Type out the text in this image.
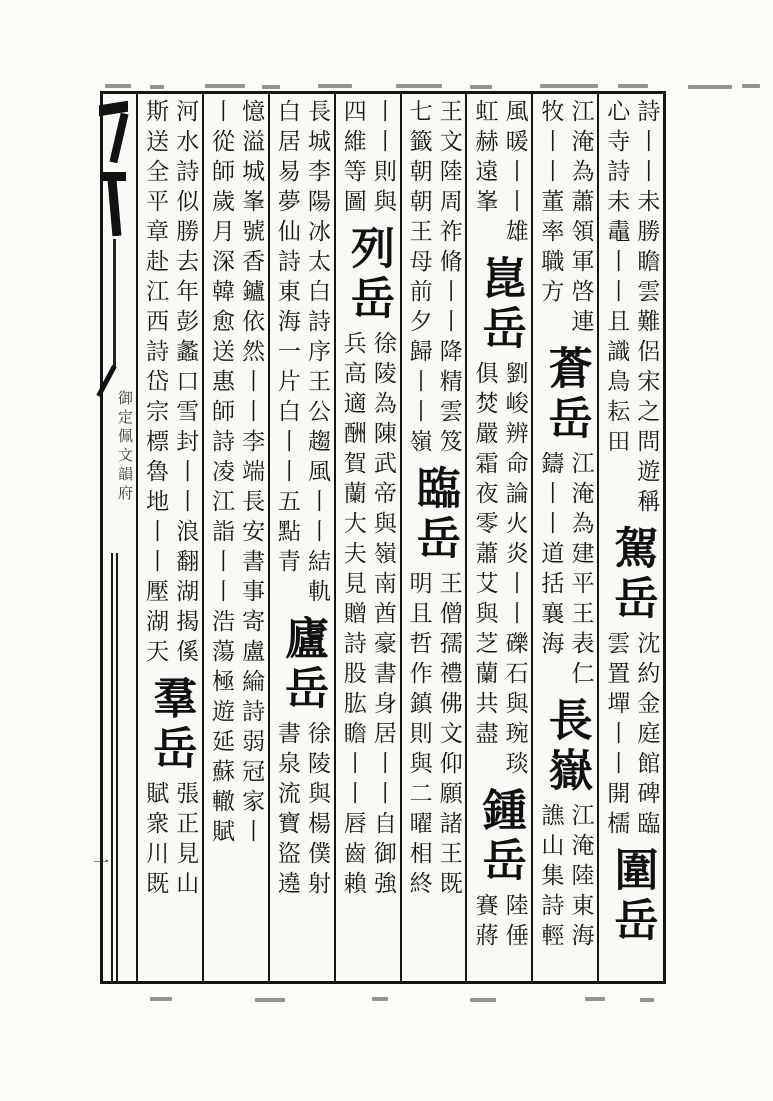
詩丨丨未勝瞻雲難侶宋之問遊稱
心寺詩未鼃丨丨且識鳥耘田
駕岳
沈約金庭館碑臨
雲置墠丨丨開檽
圍岳
江淹為蕭領軍啓連
牧丨丨董率職方
蒼岳
江淹為建平王表仁
鑄丨丨道括襄海
長嶽
江淹陸東海
譙山集詩輕
風暖丨丨雄
虹赫遠峯
崑岳
劉峻辨命論火炎丨丨礫石與琬琰
俱焚嚴霜夜零蕭艾與芝蘭共盡
鍾岳
陸倕
賽蔣
王文陸周祚脩丨丨降精雲笈
七籤朝朝王母前夕歸丨丨嶺
臨岳
王僧孺禮佛文仰願諸王既
明且哲作鎮則與二曜相終
丨丨則與
四維等圖
列岳
徐陵為陳武帝與嶺南酋豪書身居丨丨自御強
兵高適酬賀蘭大夫見贈詩股肱瞻丨丨唇齒賴
長城李陽冰太白詩序王公趨風丨丨結軌
白居易夢仙詩東海一片白丨丨五點青
廬岳
徐陵與楊僕射
書泉流寶盜遶
憶溢城峯號香鑪依然丨丨李端長安書事寄盧綸詩弱冠家丨
丨從師歲月深韓愈送惠師詩凌江詣丨丨浩蕩極遊延蘇轍賦
河水詩似勝去年彭蠡口雪封丨丨浪翻湖揭傒
斯送全平章赴江西詩岱宗標魯地丨丨壓湖天
羣岳
張正見山
賦衆川既
御定佩文韻府
一
